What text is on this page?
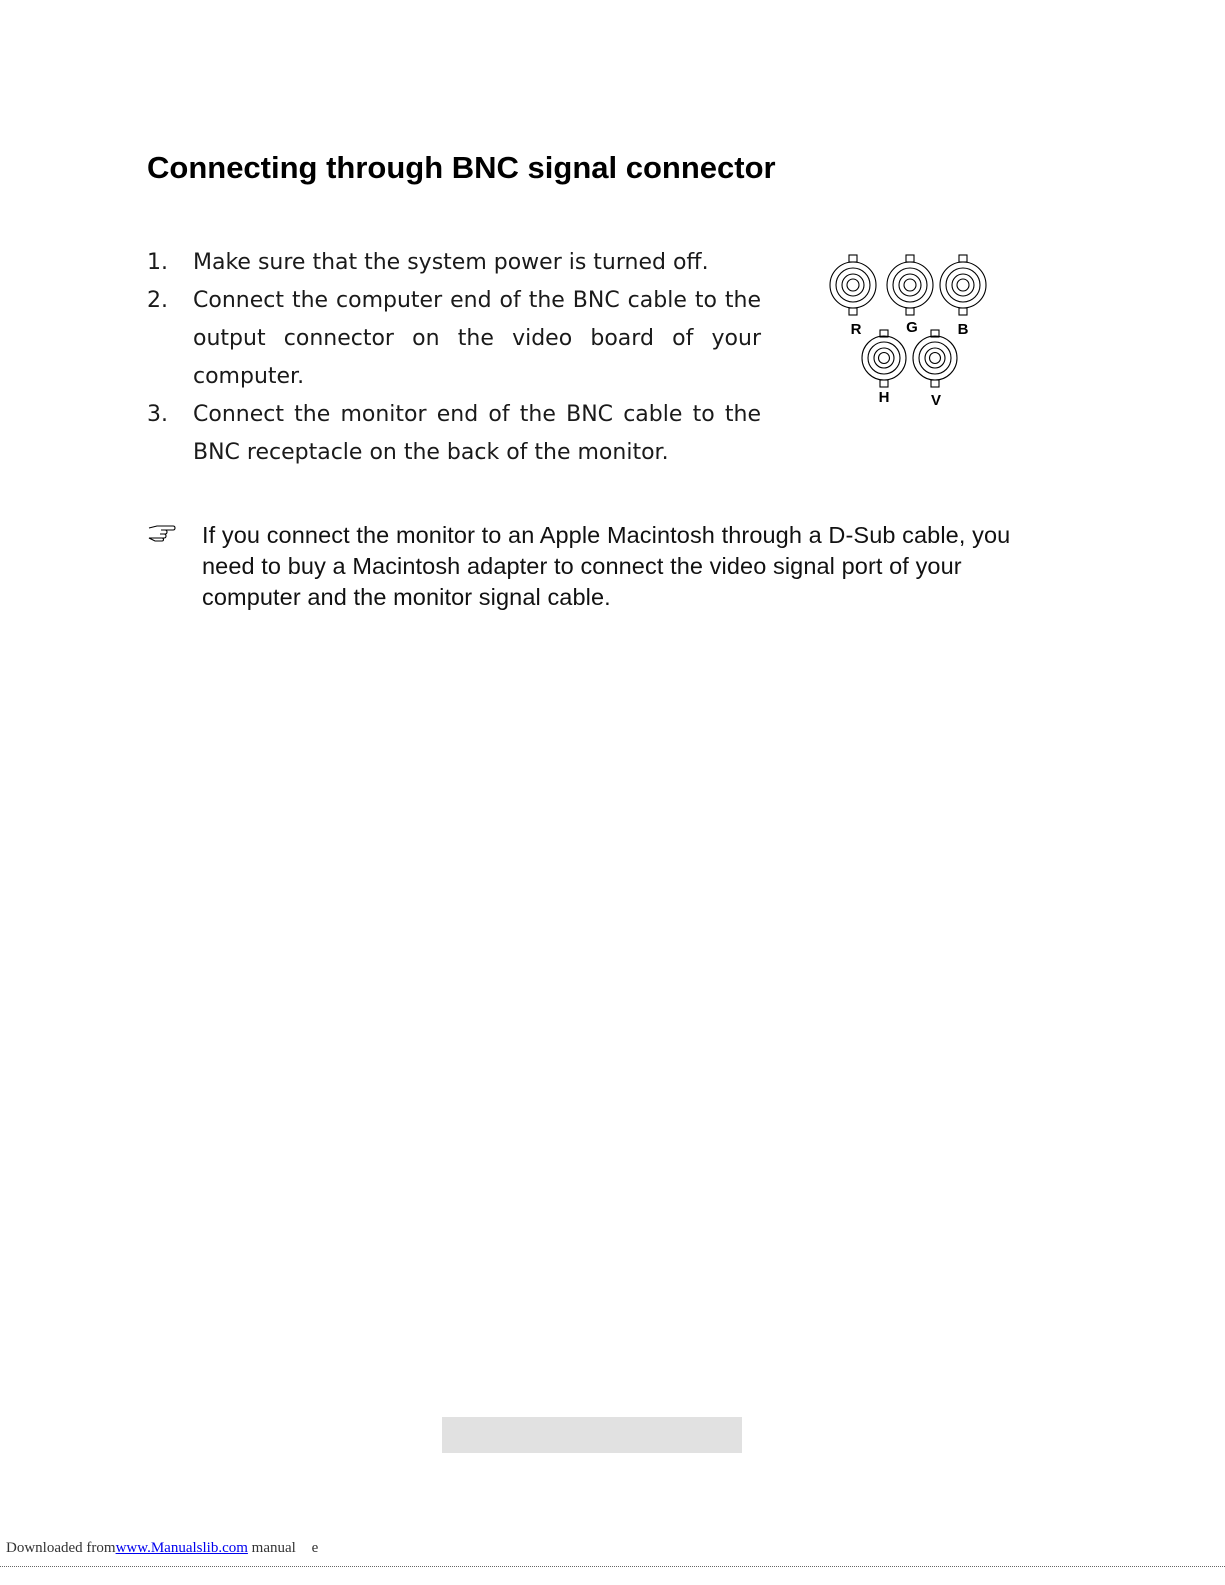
Connecting through BNC signal connector
1. Make sure that the system power is turned off.
2. Connect the computer end of the BNC cable to the output connector on the video board of your computer.
3. Connect the monitor end of the BNC cable to the BNC receptacle on the back of the monitor.
R	G	B
H	V

If you connect the monitor to an Apple Macintosh through a D-Sub cable, you need to buy a Macintosh adapter to connect the video signal port of your computer and the monitor signal cable.

Downloaded fromwww.Manualslib.com manual e
